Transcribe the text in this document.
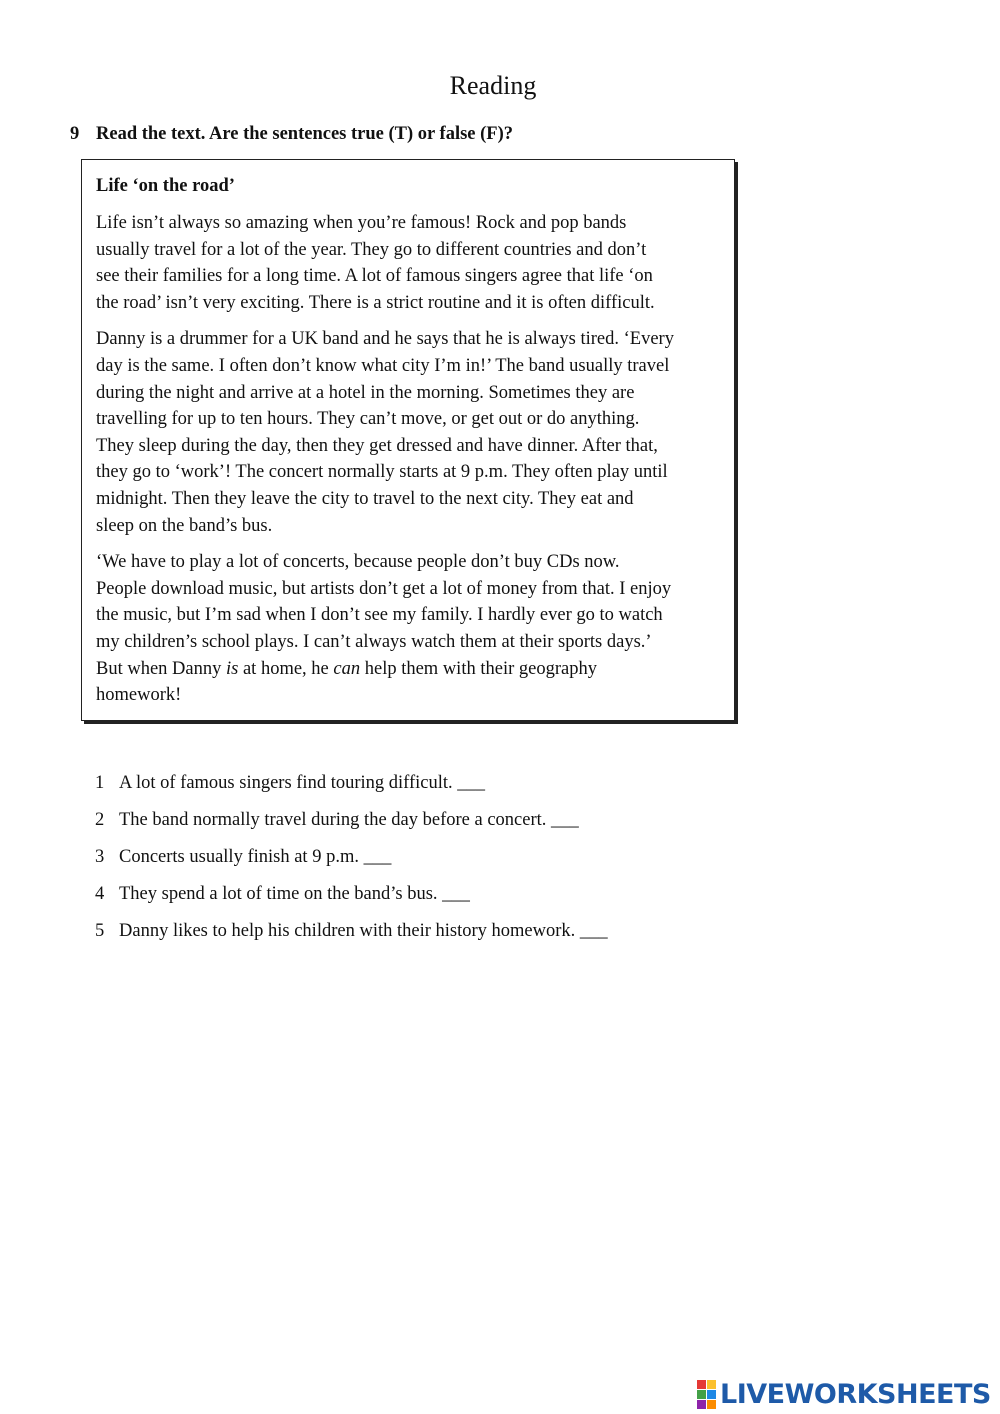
Reading
9 Read the text. Are the sentences true (T) or false (F)?
Life ‘on the road’

Life isn’t always so amazing when you’re famous! Rock and pop bands
usually travel for a lot of the year. They go to different countries and don’t
see their families for a long time. A lot of famous singers agree that life ‘on
the road’ isn’t very exciting. There is a strict routine and it is often difficult.

Danny is a drummer for a UK band and he says that he is always tired. ‘Every
day is the same. I often don’t know what city I’m in!’ The band usually travel
during the night and arrive at a hotel in the morning. Sometimes they are
travelling for up to ten hours. They can’t move, or get out or do anything.
They sleep during the day, then they get dressed and have dinner. After that,
they go to ‘work’! The concert normally starts at 9 p.m. They often play until
midnight. Then they leave the city to travel to the next city. They eat and
sleep on the band’s bus.

‘We have to play a lot of concerts, because people don’t buy CDs now.
People download music, but artists don’t get a lot of money from that. I enjoy
the music, but I’m sad when I don’t see my family. I hardly ever go to watch
my children’s school plays. I can’t always watch them at their sports days.’
But when Danny is at home, he can help them with their geography
homework!

1 A lot of famous singers find touring difficult. ___
2 The band normally travel during the day before a concert. ___
3 Concerts usually finish at 9 p.m. ___
4 They spend a lot of time on the band’s bus. ___
5 Danny likes to help his children with their history homework. ___
LIVEWORKSHEETS
